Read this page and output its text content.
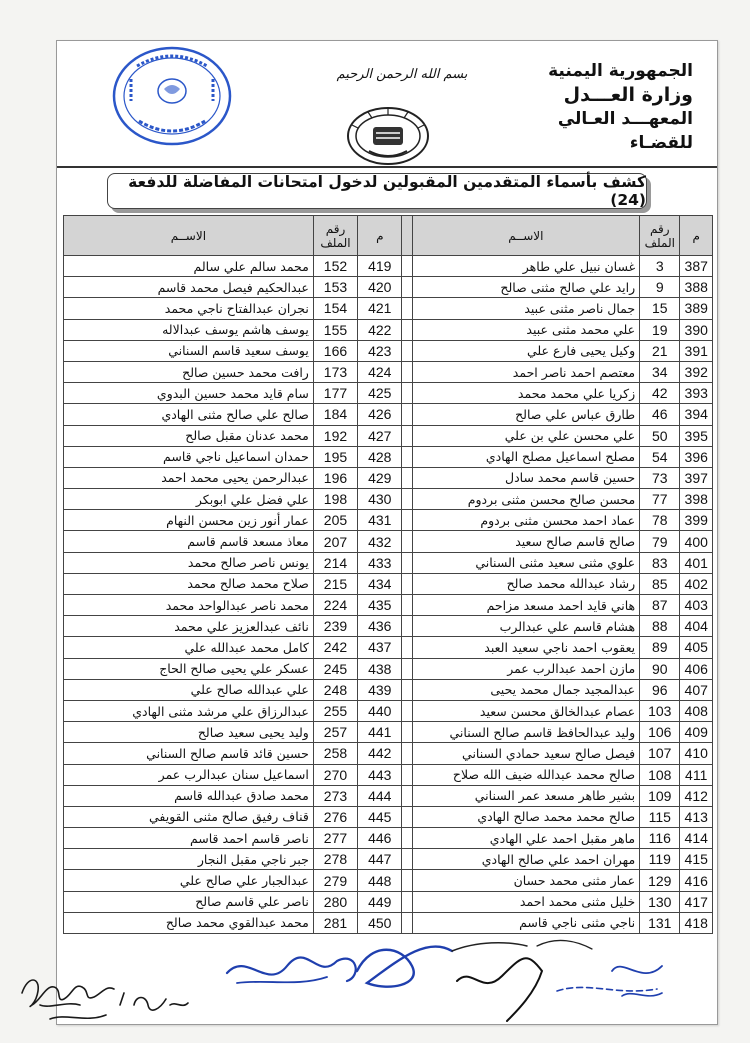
الجمهورية اليمنية
وزارة العـــدل
المعهـــد العـالي للقضـاء
بسم الله الرحمن الرحيم
كشف بأسماء المتقدمين المقبولين لدخول امتحانات المفاضلة للدفعة (24)
م	رقم الملف	الاســم		م	رقم الملف	الاســم
387	3	غسان نبيل علي طاهر		419	152	محمد سالم علي سالم
388	9	رايد علي صالح مثنى صالح		420	153	عبدالحكيم فيصل محمد قاسم
389	15	جمال ناصر مثنى عبيد		421	154	نجران عبدالفتاح ناجي محمد
390	19	علي محمد مثنى عبيد		422	155	يوسف هاشم يوسف عبدالاله
391	21	وكيل يحيى فارع علي		423	166	يوسف سعيد قاسم السناني
392	34	معتصم احمد ناصر احمد		424	173	رافت محمد حسين صالح
393	42	زكريا علي محمد محمد		425	177	سام قايد محمد حسين البدوي
394	46	طارق عباس علي صالح		426	184	صالح علي صالح مثنى الهادي
395	50	علي محسن علي بن علي		427	192	محمد عدنان مقبل صالح
396	54	مصلح اسماعيل مصلح الهادي		428	195	حمدان اسماعيل ناجي قاسم
397	73	حسين قاسم محمد سادل		429	196	عبدالرحمن يحيى محمد احمد
398	77	محسن صالح محسن مثنى بردوم		430	198	علي فضل علي ابوبكر
399	78	عماد احمد محسن مثنى بردوم		431	205	عمار أنور زين محسن النهام
400	79	صالح قاسم صالح سعيد		432	207	معاذ مسعد قاسم قاسم
401	83	علوي مثنى سعيد مثنى السناني		433	214	يونس ناصر صالح محمد
402	85	رشاد عبدالله محمد صالح		434	215	صلاح محمد صالح محمد
403	87	هاني قايد احمد مسعد مزاحم		435	224	محمد ناصر عبدالواحد محمد
404	88	هشام قاسم علي عبدالرب		436	239	نائف عبدالعزيز علي محمد
405	89	يعقوب احمد ناجي سعيد العبد		437	242	كامل محمد عبدالله علي
406	90	مازن احمد عبدالرب عمر		438	245	عسكر علي يحيى صالح الحاج
407	96	عبدالمجيد جمال محمد يحيى		439	248	علي عبدالله صالح علي
408	103	عصام عبدالخالق محسن سعيد		440	255	عبدالرزاق علي مرشد مثنى الهادي
409	106	وليد عبدالحافظ قاسم صالح السناني		441	257	وليد يحيى سعيد صالح
410	107	فيصل صالح سعيد حمادي السناني		442	258	حسين قائد قاسم صالح السناني
411	108	صالح محمد عبدالله ضيف الله صلاح		443	270	اسماعيل سنان عبدالرب عمر
412	109	بشير طاهر مسعد عمر السناني		444	273	محمد صادق عبدالله قاسم
413	115	صالح محمد محمد صالح الهادي		445	276	قناف رفيق صالح مثنى القويفي
414	116	ماهر مقبل احمد علي الهادي		446	277	ناصر قاسم احمد قاسم
415	119	مهران احمد علي صالح الهادي		447	278	جبر ناجي مقبل النجار
416	129	عمار مثنى محمد حسان		448	279	عبدالجبار علي صالح علي
417	130	خليل مثنى محمد احمد		449	280	ناصر علي قاسم صالح
418	131	ناجي مثنى ناجي قاسم		450	281	محمد عبدالقوي محمد صالح
